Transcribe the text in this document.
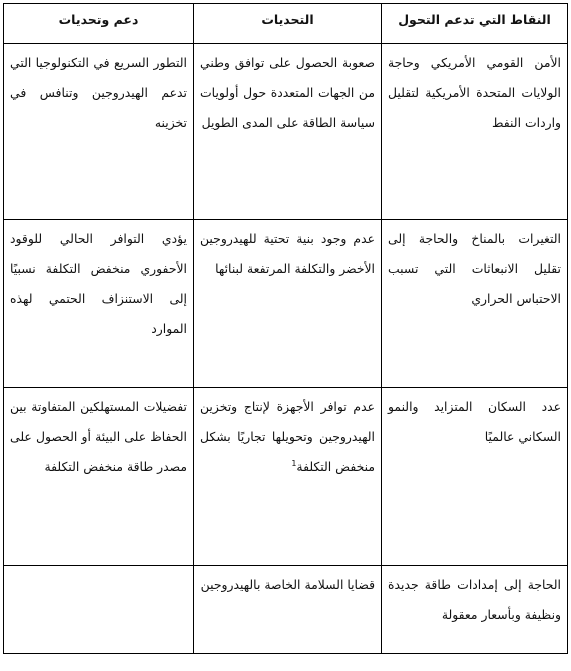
النقاط التي تدعم التحول	التحديات	دعم وتحديات
الأمن القومي الأمريكي وحاجة الولايات المتحدة الأمريكية لتقليل واردات النفط	صعوبة الحصول على توافق وطني من الجهات المتعددة حول أولويات سياسة الطاقة على المدى الطويل	التطور السريع في التكنولوجيا التي تدعم الهيدروجين وتنافس في تخزينه
التغيرات بالمناخ والحاجة إلى تقليل الانبعاثات التي تسبب الاحتباس الحراري	عدم وجود بنية تحتية للهيدروجين الأخضر والتكلفة المرتفعة لبنائها	يؤدي التوافر الحالي للوقود الأحفوري منخفض التكلفة نسبيًا إلى الاستنزاف الحتمي لهذه الموارد
عدد السكان المتزايد والنمو السكاني عالميًا	عدم توافر الأجهزة لإنتاج وتخزين الهيدروجين وتحويلها تجاريًا بشكل منخفض التكلفة$^1$	تفضيلات المستهلكين المتفاوتة بين الحفاظ على البيئة أو الحصول على مصدر طاقة منخفض التكلفة
الحاجة إلى إمدادات طاقة جديدة ونظيفة وبأسعار معقولة	قضايا السلامة الخاصة بالهيدروجين	
